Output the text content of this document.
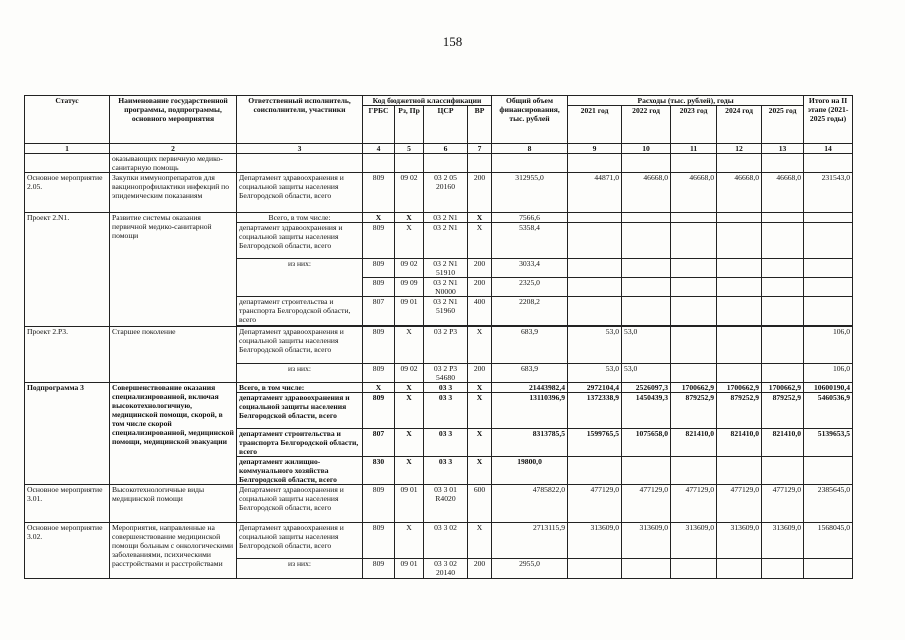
158
Статус	Наименование государственной программы, подпрограммы, основного мероприятия	Ответственный исполнитель, соисполнители, участники	Код бюджетной классификации				Общий объем финансирования, тыс. рублей	Расходы (тыс. рублей), годы					Итого на II этапе (2021-2025 годы)
			ГРБС	Рз, Пр	ЦСР	ВР		2021 год	2022 год	2023 год	2024 год	2025 год	
1	2	3	4	5	6	7	8	9	10	11	12	13	14
	оказывающих первичную медико-санитарную помощь												
Основное мероприятие 2.05.	Закупки иммунопрепаратов для вакцинопрофилактики инфекций по эпидемическим показаниям	Департамент здравоохранения и социальной защиты населения Белгородской области, всего	809	09 02	03 2 05 20160	200	312955,0	44871,0	46668,0	46668,0	46668,0	46668,0	231543,0
Проект 2.N1.	Развитие системы оказания первичной медико-санитарной помощи	Всего, в том числе:	Х	Х	03 2 N1	Х	7566,6						
		департамент здравоохранения и социальной защиты населения Белгородской области, всего	809	Х	03 2 N1	Х	5358,4						
		из них:	809	09 02	03 2 N1 51910	200	3033,4						
			809	09 09	03 2 N1 N0000	200	2325,0						
		департамент строительства и транспорта Белгородской области, всего	807	09 01	03 2 N1 51960	400	2208,2						

Проект 2.Р3.	Старшее поколение	Департамент здравоохранения и социальной защиты населения Белгородской области, всего	809	Х	03 2 Р3	Х	683,9	53,0	53,0				106,0
		из них:	809	09 02	03 2 Р3 54680	200	683,9	53,0	53,0				106,0
Подпрограмма 3	Совершенствование оказания специализированной, включая высокотехнологичную, медицинской помощи, скорой, в том числе скорой специализированной, медицинской помощи, медицинской эвакуации	Всего, в том числе:	Х	Х	03 3	Х	21443982,4	2972104,4	2526097,3	1700662,9	1700662,9	1700662,9	10600190,4
		департамент здравоохранения и социальной защиты населения Белгородской области, всего	809	Х	03 3	Х	13110396,9	1372338,9	1450439,3	879252,9	879252,9	879252,9	5460536,9
		департамент строительства и транспорта Белгородской области, всего	807	Х	03 3	Х	8313785,5	1599765,5	1075658,0	821410,0	821410,0	821410,0	5139653,5
		департамент жилищно-коммунального хозяйства Белгородской области, всего	830	Х	03 3	Х	19800,0						
Основное мероприятие 3.01.	Высокотехнологичные виды медицинской помощи	Департамент здравоохранения и социальной защиты населения Белгородской области, всего	809	09 01	03 3 01 R4020	600	4785822,0	477129,0	477129,0	477129,0	477129,0	477129,0	2385645,0
Основное мероприятие 3.02.	Мероприятия, направленные на совершенствование медицинской помощи больным с онкологическими заболеваниями, психическими расстройствами и расстройствами	Департамент здравоохранения и социальной защиты населения Белгородской области, всего	809	Х	03 3 02	Х	2713115,9	313609,0	313609,0	313609,0	313609,0	313609,0	1568045,0
		из них:	809	09 01	03 3 02 20140	200	2955,0						
